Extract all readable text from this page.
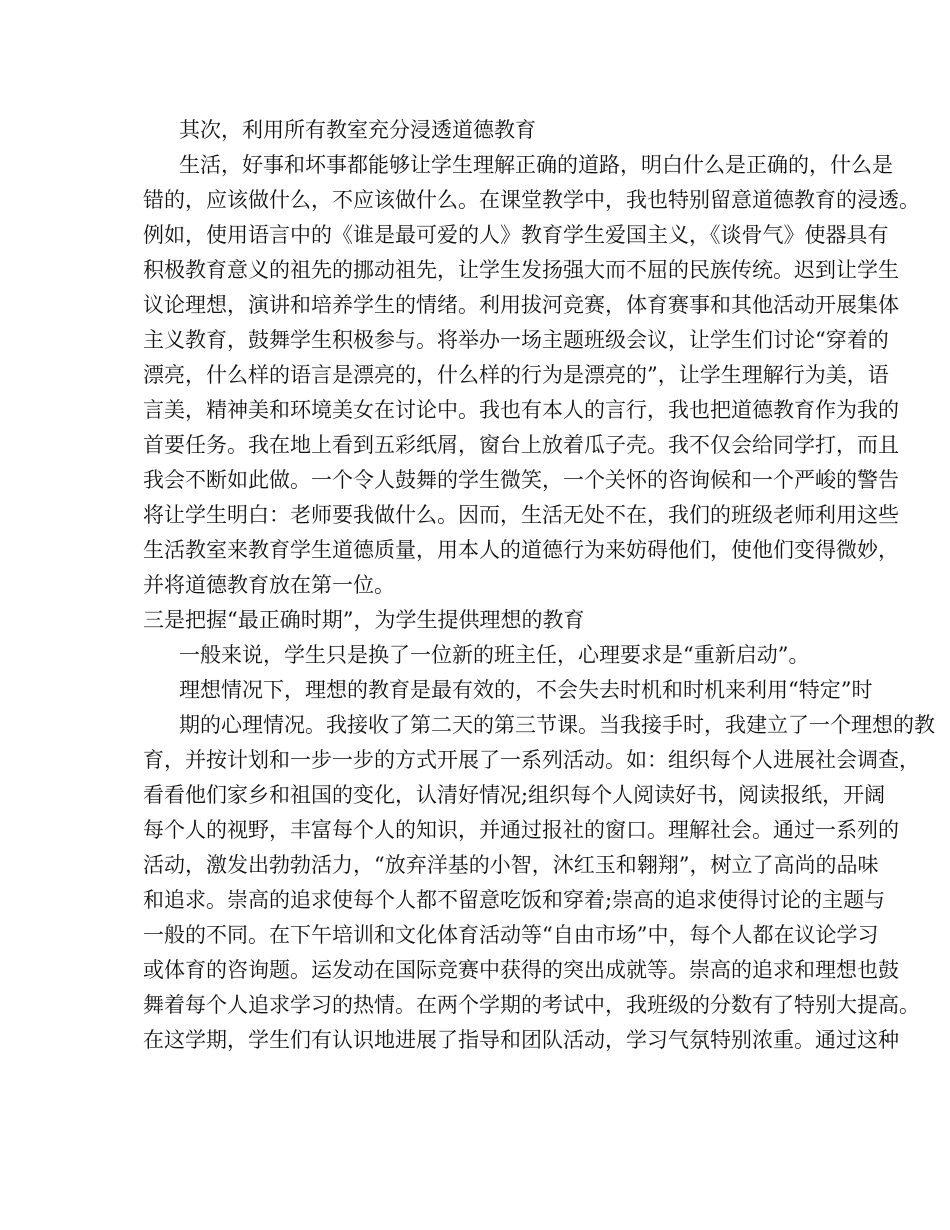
其次，利用所有教室充分浸透道德教育
生活，好事和坏事都能够让学生理解正确的道路，明白什么是正确的，什么是
错的，应该做什么，不应该做什么。在课堂教学中，我也特别留意道德教育的浸透。
例如，使用语言中的《谁是最可爱的人》教育学生爱国主义，《谈骨气》使器具有
积极教育意义的祖先的挪动祖先，让学生发扬强大而不屈的民族传统。迟到让学生
议论理想，演讲和培养学生的情绪。利用拔河竞赛，体育赛事和其他活动开展集体
主义教育，鼓舞学生积极参与。将举办一场主题班级会议，让学生们讨论“穿着的
漂亮，什么样的语言是漂亮的，什么样的行为是漂亮的”，让学生理解行为美，语
言美，精神美和环境美女在讨论中。我也有本人的言行，我也把道德教育作为我的
首要任务。我在地上看到五彩纸屑，窗台上放着瓜子壳。我不仅会给同学打，而且
我会不断如此做。一个令人鼓舞的学生微笑，一个关怀的咨询候和一个严峻的警告
将让学生明白：老师要我做什么。因而，生活无处不在，我们的班级老师利用这些
生活教室来教育学生道德质量，用本人的道德行为来妨碍他们，使他们变得微妙，
并将道德教育放在第一位。
三是把握“最正确时期”，为学生提供理想的教育
一般来说，学生只是换了一位新的班主任，心理要求是“重新启动”。
理想情况下，理想的教育是最有效的，不会失去时机和时机来利用“特定”时
期的心理情况。我接收了第二天的第三节课。当我接手时，我建立了一个理想的教
育，并按计划和一步一步的方式开展了一系列活动。如：组织每个人进展社会调查，
看看他们家乡和祖国的变化，认清好情况;组织每个人阅读好书，阅读报纸，开阔
每个人的视野，丰富每个人的知识，并通过报社的窗口。理解社会。通过一系列的
活动，激发出勃勃活力，“放弃洋基的小智，沐红玉和翱翔”，树立了高尚的品味
和追求。崇高的追求使每个人都不留意吃饭和穿着;崇高的追求使得讨论的主题与
一般的不同。在下午培训和文化体育活动等“自由市场”中，每个人都在议论学习
或体育的咨询题。运发动在国际竞赛中获得的突出成就等。崇高的追求和理想也鼓
舞着每个人追求学习的热情。在两个学期的考试中，我班级的分数有了特别大提高。
在这学期，学生们有认识地进展了指导和团队活动，学习气氛特别浓重。通过这种
